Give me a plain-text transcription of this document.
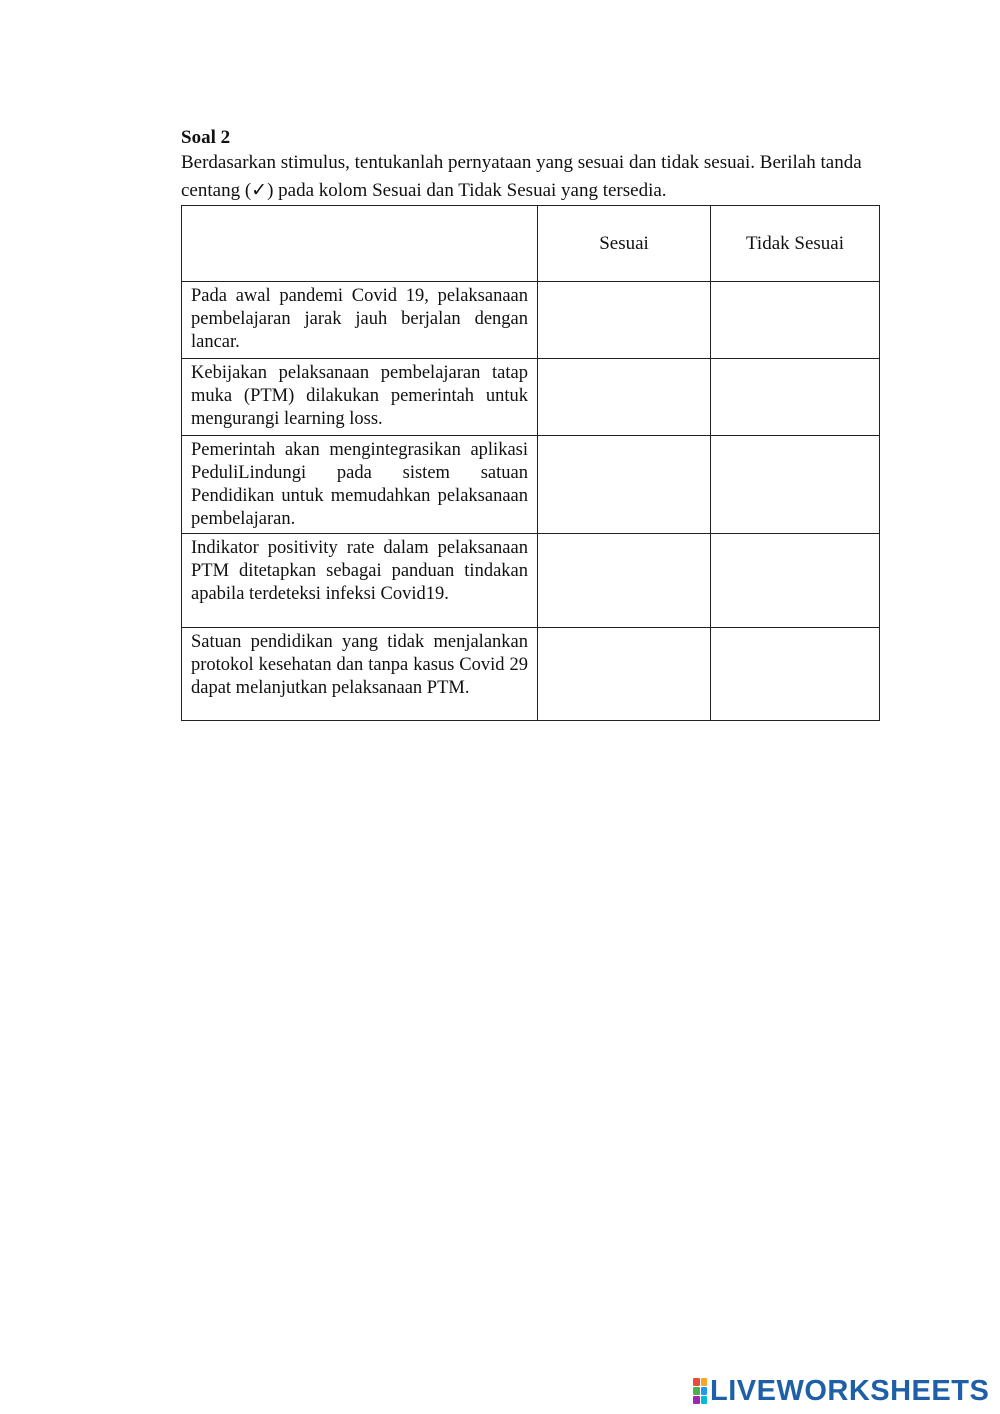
Soal 2
Berdasarkan stimulus, tentukanlah pernyataan yang sesuai dan tidak sesuai. Berilah tanda centang (✓) pada kolom Sesuai dan Tidak Sesuai yang tersedia.
	Sesuai	Tidak Sesuai

Pada awal pandemi Covid 19, pelaksanaan pembelajaran jarak jauh berjalan dengan lancar.		

Kebijakan pelaksanaan pembelajaran tatap muka (PTM) dilakukan pemerintah untuk mengurangi learning loss.		

Pemerintah akan mengintegrasikan aplikasi PeduliLindungi pada sistem satuan Pendidikan untuk memudahkan pelaksanaan pembelajaran.		

Indikator positivity rate dalam pelaksanaan PTM ditetapkan sebagai panduan tindakan apabila terdeteksi infeksi Covid19.		

Satuan pendidikan yang tidak menjalankan protokol kesehatan dan tanpa kasus Covid 29 dapat melanjutkan pelaksanaan PTM.		

LIVEWORKSHEETS
